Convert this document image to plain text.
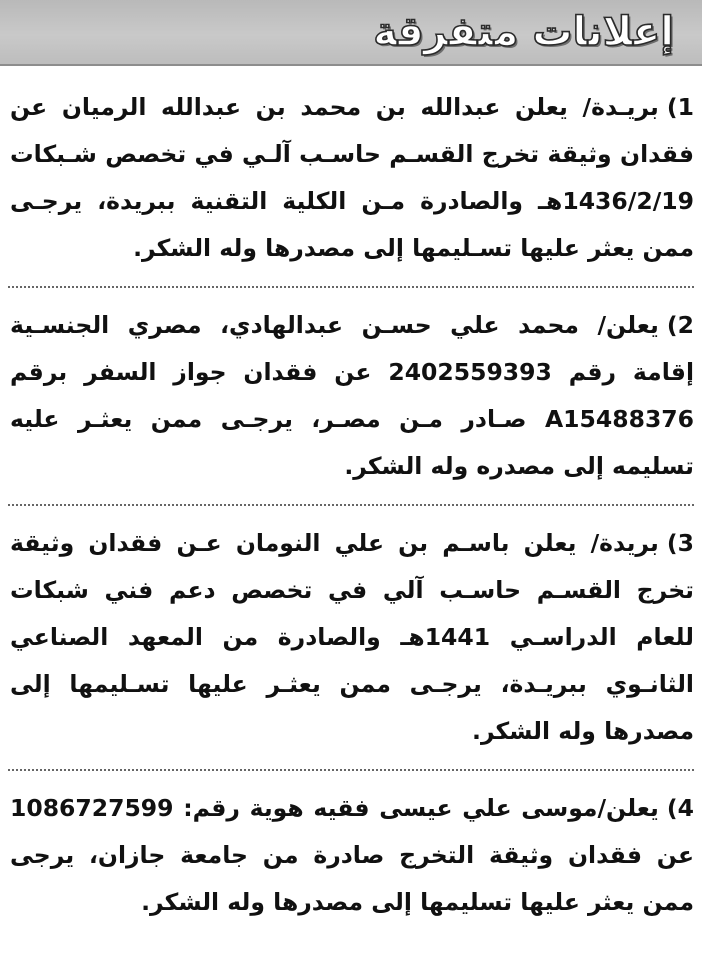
إعلانات متفرقة

1)بريـدة/ يعلن عبدالله بن محمد بن عبدالله الرميان عن فقدان وثيقة تخرج القسـم حاسـب آلـي في تخصص شـبكات 1436/2/19هـ والصادرة مـن الكلية التقنية ببريدة، يرجـى ممن يعثر عليها تسـليمها إلى مصدرها وله الشكر.

2)يعلن/ محمد علي حسـن عبدالهادي، مصري الجنسـية إقامة رقم 2402559393 عن فقدان جواز السفر برقم A15488376 صـادر مـن مصـر، يرجـى ممن يعثـر عليه تسليمه إلى مصدره وله الشكر.

3)بريدة/ يعلن باسـم بن علي النومان عـن فقدان وثيقة تخرج القسـم حاسـب آلي في تخصص دعم فني شبكات للعام الدراسـي 1441هـ والصادرة من المعهد الصناعي الثانـوي ببريـدة، يرجـى ممن يعثـر عليها تسـليمها إلى مصدرها وله الشكر.

4)يعلن/موسى علي عيسى فقيه هوية رقم: 1086727599 عن فقدان وثيقة التخرج صادرة من جامعة جازان، يرجى ممن يعثر عليها تسليمها إلى مصدرها وله الشكر.
